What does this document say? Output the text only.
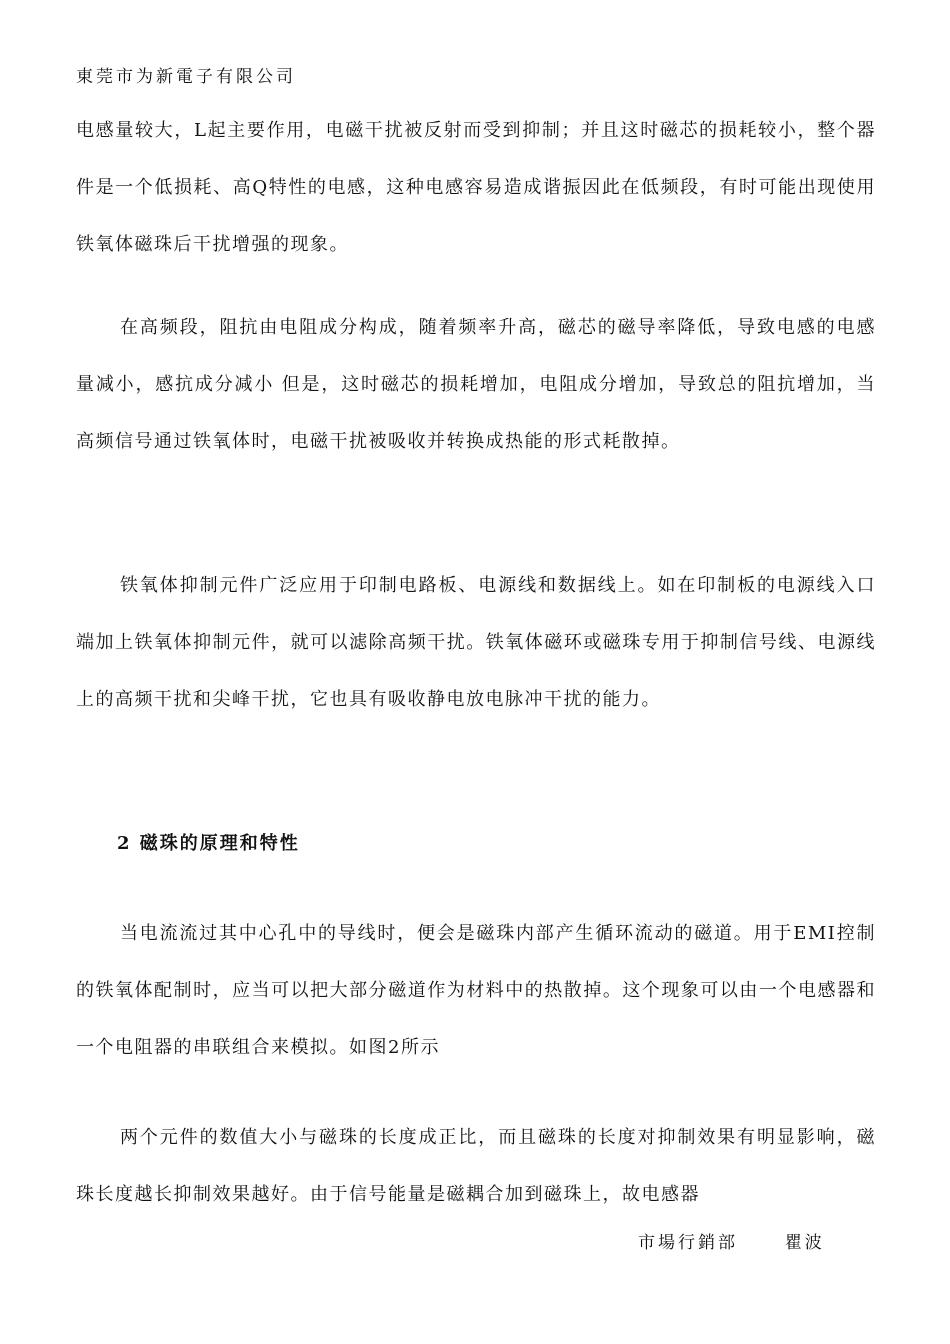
東莞市为新電子有限公司

电感量较大，L起主要作用，电磁干扰被反射而受到抑制；并且这时磁芯的损耗较小，整个器件是一个低损耗、高Q特性的电感，这种电感容易造成谐振因此在低频段，有时可能出现使用铁氧体磁珠后干扰增强的现象。

在高频段，阻抗由电阻成分构成，随着频率升高，磁芯的磁导率降低，导致电感的电感量减小，感抗成分减小 但是，这时磁芯的损耗增加，电阻成分增加，导致总的阻抗增加，当高频信号通过铁氧体时，电磁干扰被吸收并转换成热能的形式耗散掉。

铁氧体抑制元件广泛应用于印制电路板、电源线和数据线上。如在印制板的电源线入口端加上铁氧体抑制元件，就可以滤除高频干扰。铁氧体磁环或磁珠专用于抑制信号线、电源线上的高频干扰和尖峰干扰，它也具有吸收静电放电脉冲干扰的能力。

2 磁珠的原理和特性

当电流流过其中心孔中的导线时，便会是磁珠内部产生循环流动的磁道。用于EMI控制的铁氧体配制时，应当可以把大部分磁道作为材料中的热散掉。这个现象可以由一个电感器和一个电阻器的串联组合来模拟。如图2所示

两个元件的数值大小与磁珠的长度成正比，而且磁珠的长度对抑制效果有明显影响，磁珠长度越长抑制效果越好。由于信号能量是磁耦合加到磁珠上，故电感器

市場行銷部	瞿波
